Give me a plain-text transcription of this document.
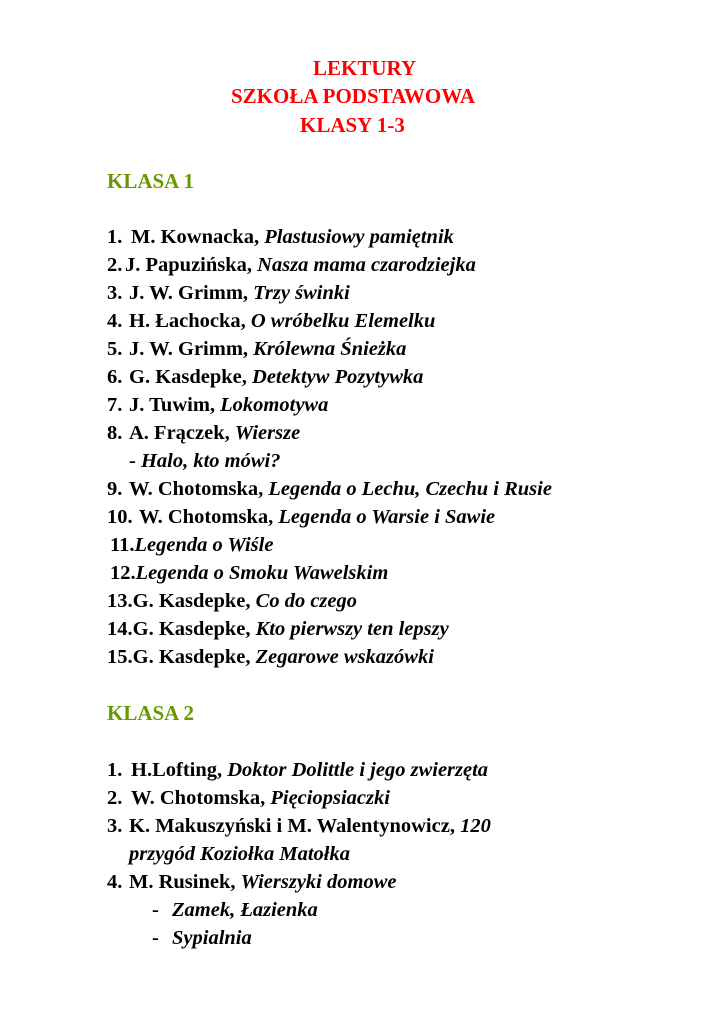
LEKTURY
SZKOŁA PODSTAWOWA
KLASY 1-3
KLASA 1
1. M. Kownacka, Plastusiowy pamiętnik
2. J. Papuzińska, Nasza mama czarodziejka
3. J. W. Grimm, Trzy świnki
4. H. Łachocka, O wróbelku Elemelku
5. J. W. Grimm, Królewna Śnieżka
6. G. Kasdepke, Detektyw Pozytywka
7. J. Tuwim, Lokomotywa
8. A. Frączek, Wiersze
- Halo, kto mówi?
9. W. Chotomska, Legenda o Lechu, Czechu i Rusie
10. W. Chotomska, Legenda o Warsie i Sawie
11.Legenda o Wiśle
12.Legenda o Smoku Wawelskim
13.G. Kasdepke, Co do czego
14.G. Kasdepke, Kto pierwszy ten lepszy
15.G. Kasdepke, Zegarowe wskazówki
KLASA 2
1. H.Lofting, Doktor Dolittle i jego zwierzęta
2. W. Chotomska, Pięciopsiaczki
3. K. Makuszyński i M. Walentynowicz, 120
przygód Koziołka Matołka
4. M. Rusinek, Wierszyki domowe
- Zamek, Łazienka
- Sypialnia
